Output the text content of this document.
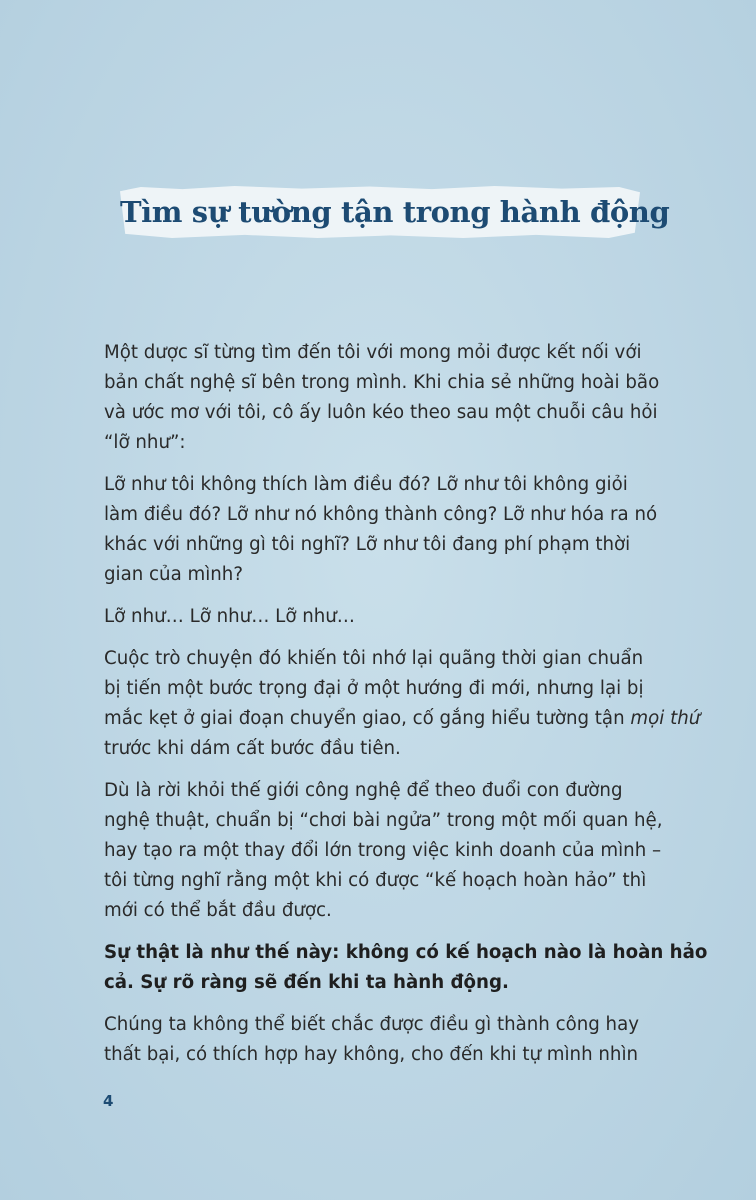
Tìm sự tường tận trong hành động

Một dược sĩ từng tìm đến tôi với mong mỏi được kết nối với
bản chất nghệ sĩ bên trong mình. Khi chia sẻ những hoài bão
và ước mơ với tôi, cô ấy luôn kéo theo sau một chuỗi câu hỏi
“lỡ như”:

Lỡ như tôi không thích làm điều đó? Lỡ như tôi không giỏi
làm điều đó? Lỡ như nó không thành công? Lỡ như hóa ra nó
khác với những gì tôi nghĩ? Lỡ như tôi đang phí phạm thời
gian của mình?

Lỡ như… Lỡ như… Lỡ như…

Cuộc trò chuyện đó khiến tôi nhớ lại quãng thời gian chuẩn
bị tiến một bước trọng đại ở một hướng đi mới, nhưng lại bị
mắc kẹt ở giai đoạn chuyển giao, cố gắng hiểu tường tận mọi thứ
trước khi dám cất bước đầu tiên.

Dù là rời khỏi thế giới công nghệ để theo đuổi con đường
nghệ thuật, chuẩn bị “chơi bài ngửa” trong một mối quan hệ,
hay tạo ra một thay đổi lớn trong việc kinh doanh của mình –
tôi từng nghĩ rằng một khi có được “kế hoạch hoàn hảo” thì
mới có thể bắt đầu được.

Sự thật là như thế này: không có kế hoạch nào là hoàn hảo
cả. Sự rõ ràng sẽ đến khi ta hành động.

Chúng ta không thể biết chắc được điều gì thành công hay
thất bại, có thích hợp hay không, cho đến khi tự mình nhìn

4
